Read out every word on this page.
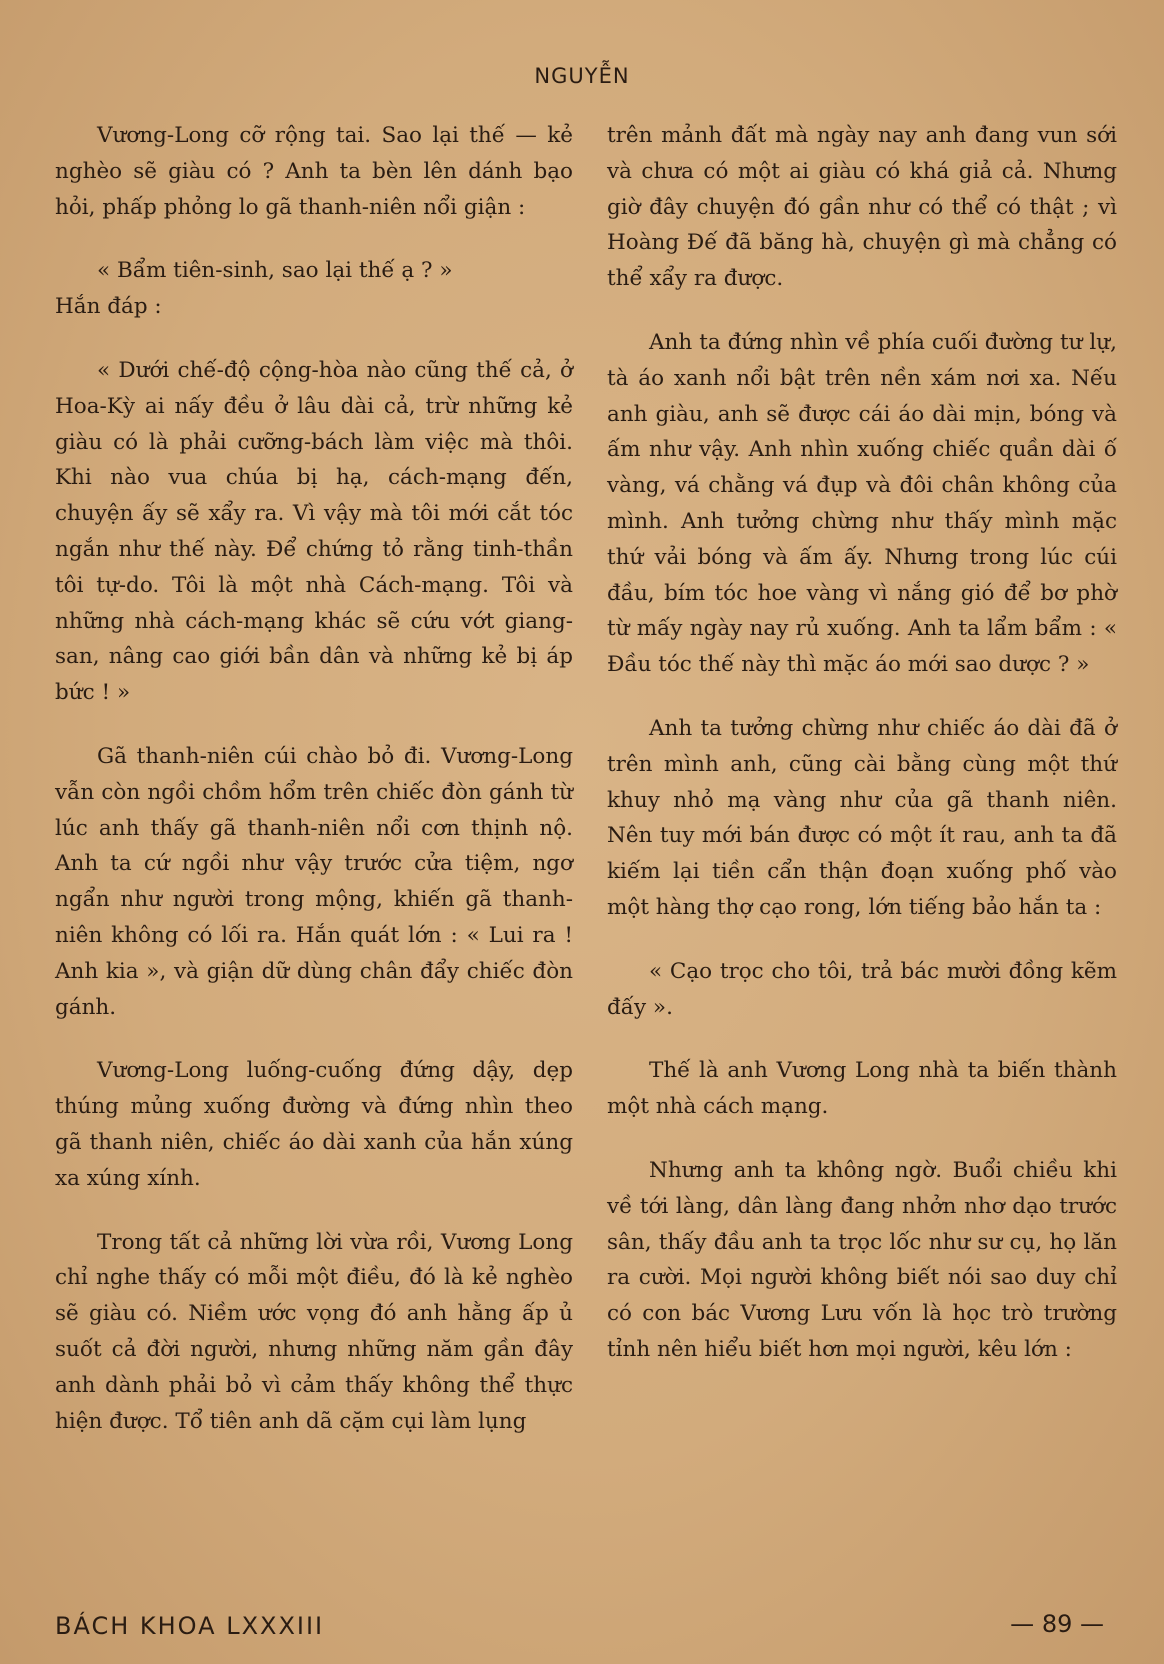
NGUYỄN

Vương-Long cỡ rộng tai. Sao lại thế — kẻ nghèo sẽ giàu có ? Anh ta bèn lên dánh bạo hỏi, phấp phỏng lo gã thanh-niên nổi giận :

« Bẩm tiên-sinh, sao lại thế ạ ? »

Hắn đáp :

« Dưới chế-độ cộng-hòa nào cũng thế cả, ở Hoa-Kỳ ai nấy đều ở lâu dài cả, trừ những kẻ giàu có là phải cưỡng-bách làm việc mà thôi. Khi nào vua chúa bị hạ, cách-mạng đến, chuyện ấy sẽ xẩy ra. Vì vậy mà tôi mới cắt tóc ngắn như thế này. Để chứng tỏ rằng tinh-thần tôi tự-do. Tôi là một nhà Cách-mạng. Tôi và những nhà cách-mạng khác sẽ cứu vớt giang-san, nâng cao giới bần dân và những kẻ bị áp bức ! »

Gã thanh-niên cúi chào bỏ đi. Vương-Long vẫn còn ngồi chồm hổm trên chiếc đòn gánh từ lúc anh thấy gã thanh-niên nổi cơn thịnh nộ. Anh ta cứ ngồi như vậy trước cửa tiệm, ngơ ngẩn như người trong mộng, khiến gã thanh-niên không có lối ra. Hắn quát lớn : « Lui ra ! Anh kia », và giận dữ dùng chân đẩy chiếc đòn gánh.

Vương-Long luống-cuống đứng dậy, dẹp thúng mủng xuống đường và đứng nhìn theo gã thanh niên, chiếc áo dài xanh của hắn xúng xa xúng xính.

Trong tất cả những lời vừa rồi, Vương Long chỉ nghe thấy có mỗi một điều, đó là kẻ nghèo sẽ giàu có. Niềm ước vọng đó anh hằng ấp ủ suốt cả đời người, nhưng những năm gần đây anh dành phải bỏ vì cảm thấy không thể thực hiện được. Tổ tiên anh dã cặm cụi làm lụng

trên mảnh đất mà ngày nay anh đang vun sới và chưa có một ai giàu có khá giả cả. Nhưng giờ đây chuyện đó gần như có thể có thật ; vì Hoàng Đế đã băng hà, chuyện gì mà chẳng có thể xẩy ra được.

Anh ta đứng nhìn về phía cuối đường tư lự, tà áo xanh nổi bật trên nền xám nơi xa. Nếu anh giàu, anh sẽ được cái áo dài mịn, bóng và ấm như vậy. Anh nhìn xuống chiếc quần dài ố vàng, vá chằng vá đụp và đôi chân không của mình. Anh tưởng chừng như thấy mình mặc thứ vải bóng và ấm ấy. Nhưng trong lúc cúi đầu, bím tóc hoe vàng vì nắng gió để bơ phờ từ mấy ngày nay rủ xuống. Anh ta lẩm bẩm : « Đầu tóc thế này thì mặc áo mới sao dược ? »

Anh ta tưởng chừng như chiếc áo dài đã ở trên mình anh, cũng cài bằng cùng một thứ khuy nhỏ mạ vàng như của gã thanh niên. Nên tuy mới bán được có một ít rau, anh ta đã kiếm lại tiền cẩn thận đoạn xuống phố vào một hàng thợ cạo rong, lớn tiếng bảo hắn ta :

« Cạo trọc cho tôi, trả bác mười đồng kẽm đấy ».

Thế là anh Vương Long nhà ta biến thành một nhà cách mạng.

Nhưng anh ta không ngờ. Buổi chiều khi về tới làng, dân làng đang nhởn nhơ dạo trước sân, thấy đầu anh ta trọc lốc như sư cụ, họ lăn ra cười. Mọi người không biết nói sao duy chỉ có con bác Vương Lưu vốn là học trò trường tỉnh nên hiểu biết hơn mọi người, kêu lớn :

BÁCH KHOA LXXXIII
—	89 —
